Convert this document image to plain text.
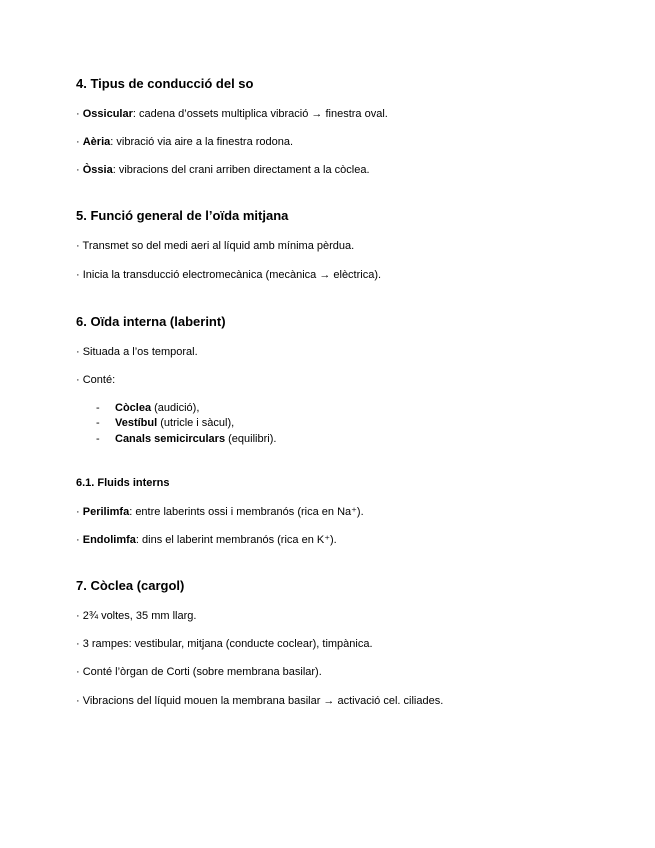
4. Tipus de conducció del so

· Ossicular: cadena d’ossets multiplica vibració → finestra oval.

· Aèria: vibració via aire a la finestra rodona.

· Òssia: vibracions del crani arriben directament a la còclea.

5. Funció general de l’oïda mitjana

· Transmet so del medi aeri al líquid amb mínima pèrdua.

· Inicia la transducció electromecànica (mecànica → elèctrica).

6. Oïda interna (laberint)

· Situada a l’os temporal.

· Conté:

- Còclea (audició),

- Vestíbul (utricle i sàcul),

- Canals semicirculars (equilibri).

6.1. Fluids interns

· Perilimfa: entre laberints ossi i membranós (rica en Na⁺).

· Endolimfa: dins el laberint membranós (rica en K⁺).

7. Còclea (cargol)

· 2¾ voltes, 35 mm llarg.

· 3 rampes: vestibular, mitjana (conducte coclear), timpànica.

· Conté l’òrgan de Corti (sobre membrana basilar).

· Vibracions del líquid mouen la membrana basilar → activació cel. ciliades.
